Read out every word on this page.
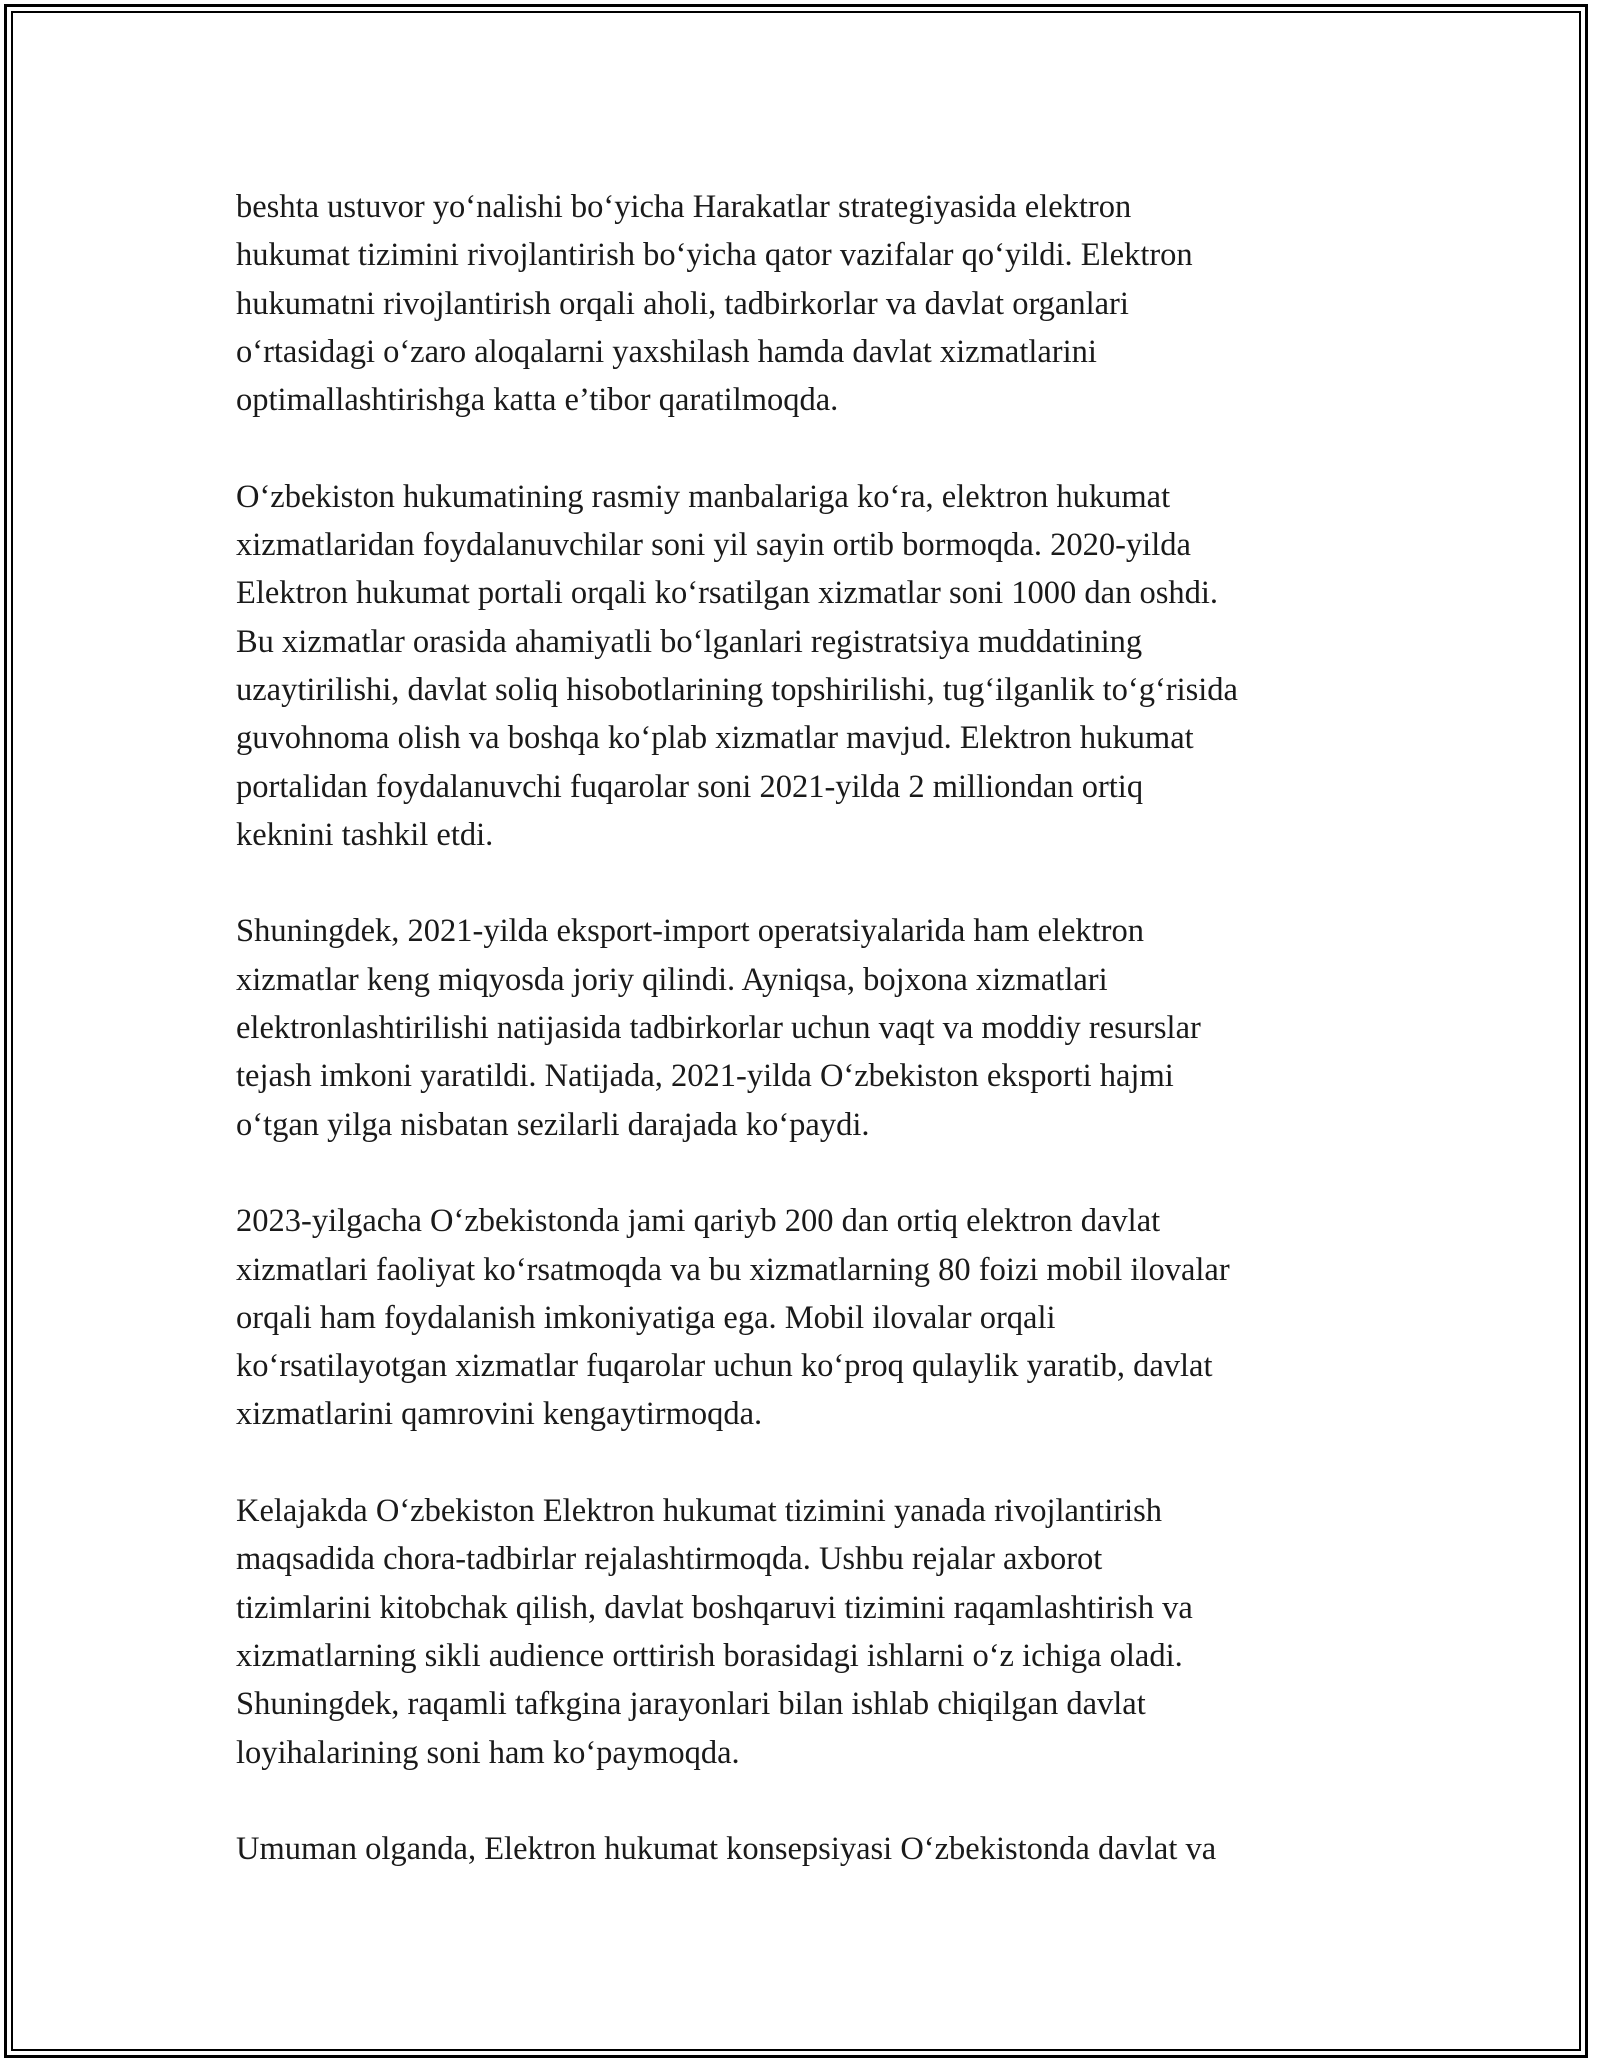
beshta ustuvor yo‘nalishi bo‘yicha Harakatlar strategiyasida elektron
hukumat tizimini rivojlantirish bo‘yicha qator vazifalar qo‘yildi. Elektron
hukumatni rivojlantirish orqali aholi, tadbirkorlar va davlat organlari
o‘rtasidagi o‘zaro aloqalarni yaxshilash hamda davlat xizmatlarini
optimallashtirishga katta e’tibor qaratilmoqda.

O‘zbekiston hukumatining rasmiy manbalariga ko‘ra, elektron hukumat
xizmatlaridan foydalanuvchilar soni yil sayin ortib bormoqda. 2020-yilda
Elektron hukumat portali orqali ko‘rsatilgan xizmatlar soni 1000 dan oshdi.
Bu xizmatlar orasida ahamiyatli bo‘lganlari registratsiya muddatining
uzaytirilishi, davlat soliq hisobotlarining topshirilishi, tug‘ilganlik to‘g‘risida
guvohnoma olish va boshqa ko‘plab xizmatlar mavjud. Elektron hukumat
portalidan foydalanuvchi fuqarolar soni 2021-yilda 2 milliondan ortiq
keknini tashkil etdi.

Shuningdek, 2021-yilda eksport-import operatsiyalarida ham elektron
xizmatlar keng miqyosda joriy qilindi. Ayniqsa, bojxona xizmatlari
elektronlashtirilishi natijasida tadbirkorlar uchun vaqt va moddiy resurslar
tejash imkoni yaratildi. Natijada, 2021-yilda O‘zbekiston eksporti hajmi
o‘tgan yilga nisbatan sezilarli darajada ko‘paydi.

2023-yilgacha O‘zbekistonda jami qariyb 200 dan ortiq elektron davlat
xizmatlari faoliyat ko‘rsatmoqda va bu xizmatlarning 80 foizi mobil ilovalar
orqali ham foydalanish imkoniyatiga ega. Mobil ilovalar orqali
ko‘rsatilayotgan xizmatlar fuqarolar uchun ko‘proq qulaylik yaratib, davlat
xizmatlarini qamrovini kengaytirmoqda.

Kelajakda O‘zbekiston Elektron hukumat tizimini yanada rivojlantirish
maqsadida chora-tadbirlar rejalashtirmoqda. Ushbu rejalar axborot
tizimlarini kitobchak qilish, davlat boshqaruvi tizimini raqamlashtirish va
xizmatlarning sikli audience orttirish borasidagi ishlarni o‘z ichiga oladi.
Shuningdek, raqamli tafkgina jarayonlari bilan ishlab chiqilgan davlat
loyihalarining soni ham ko‘paymoqda.

Umuman olganda, Elektron hukumat konsepsiyasi O‘zbekistonda davlat va
